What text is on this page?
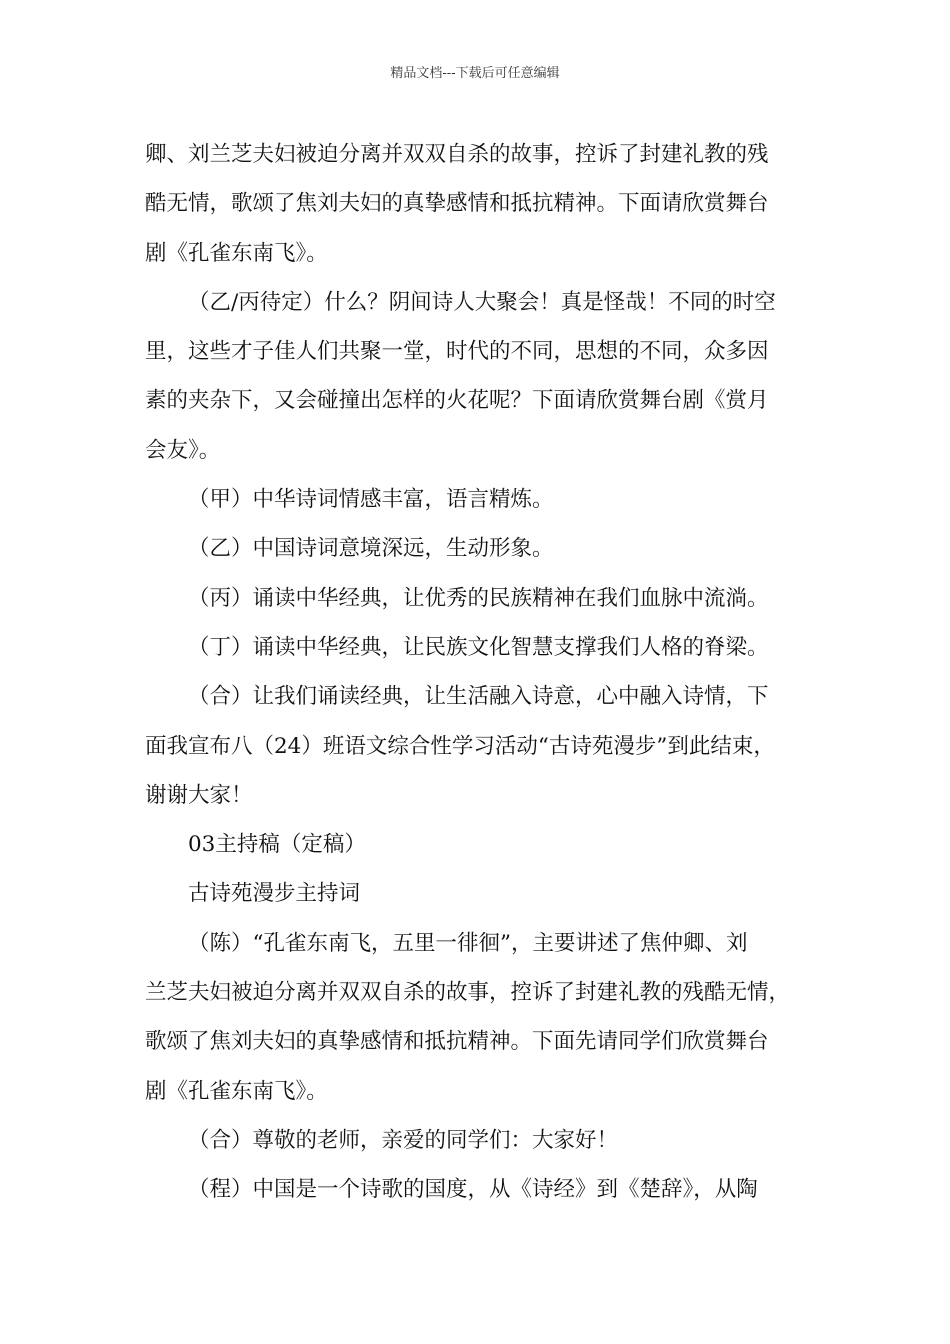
精品文档---下载后可任意编辑
卿、刘兰芝夫妇被迫分离并双双自杀的故事，控诉了封建礼教的残
酷无情，歌颂了焦刘夫妇的真挚感情和抵抗精神。下面请欣赏舞台
剧《孔雀东南飞》。
（乙/丙待定）什么？阴间诗人大聚会！真是怪哉！不同的时空
里，这些才子佳人们共聚一堂，时代的不同，思想的不同，众多因
素的夹杂下，又会碰撞出怎样的火花呢？下面请欣赏舞台剧《赏月
会友》。
（甲）中华诗词情感丰富，语言精炼。
（乙）中国诗词意境深远，生动形象。
（丙）诵读中华经典，让优秀的民族精神在我们血脉中流淌。
（丁）诵读中华经典，让民族文化智慧支撑我们人格的脊梁。
（合）让我们诵读经典，让生活融入诗意，心中融入诗情，下
面我宣布八（24）班语文综合性学习活动“古诗苑漫步”到此结束，
谢谢大家！
03主持稿（定稿）
古诗苑漫步主持词
（陈）“孔雀东南飞，五里一徘徊”，主要讲述了焦仲卿、刘
兰芝夫妇被迫分离并双双自杀的故事，控诉了封建礼教的残酷无情，
歌颂了焦刘夫妇的真挚感情和抵抗精神。下面先请同学们欣赏舞台
剧《孔雀东南飞》。
（合）尊敬的老师，亲爱的同学们：大家好！
（程）中国是一个诗歌的国度，从《诗经》到《楚辞》，从陶
